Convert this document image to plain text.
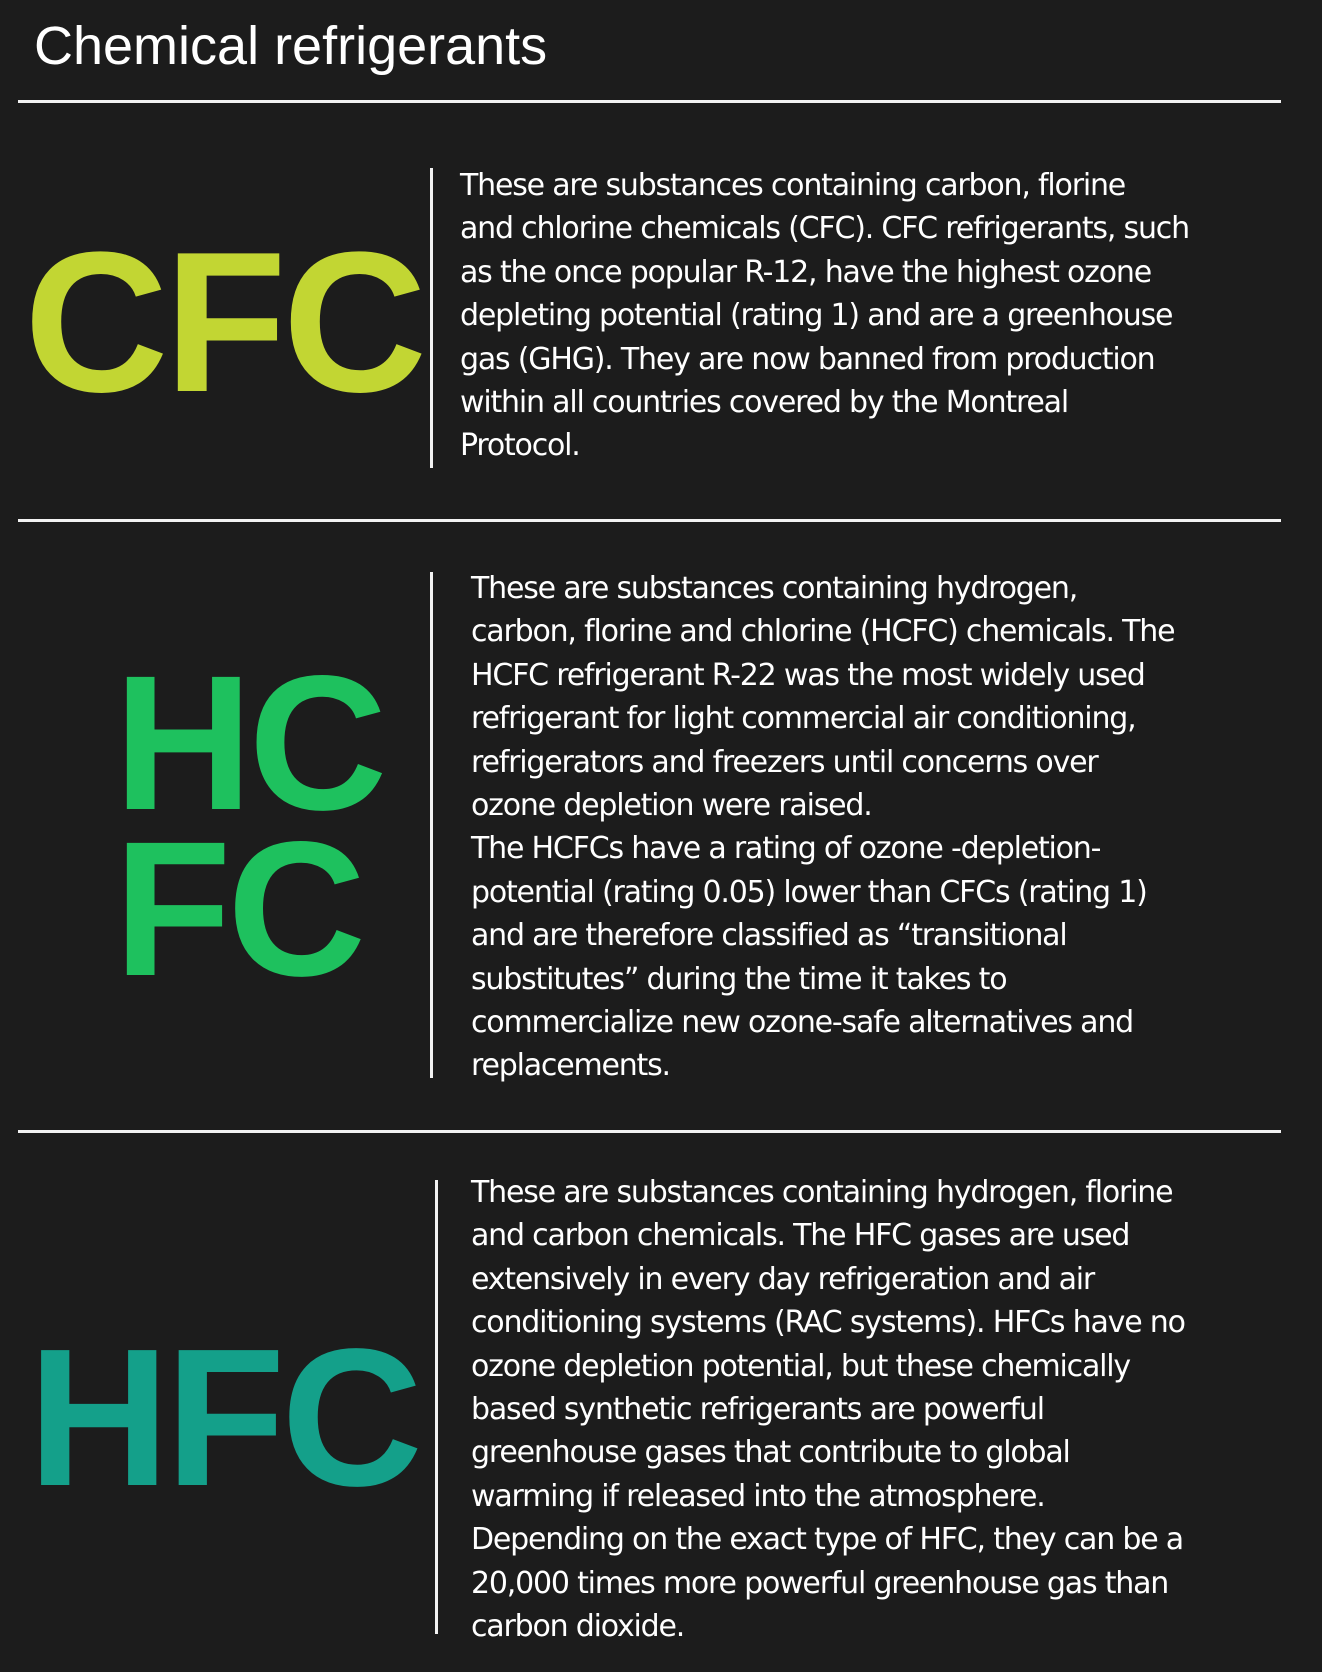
Chemical refrigerants
CFC

These are substances containing carbon, florine
and chlorine chemicals (CFC). CFC refrigerants, such
as the once popular R-12, have the highest ozone
depleting potential (rating 1) and are a greenhouse
gas (GHG). They are now banned from production
within all countries covered by the Montreal
Protocol.

HC
FC

These are substances containing hydrogen,
carbon, florine and chlorine (HCFC) chemicals. The
HCFC refrigerant R-22 was the most widely used
refrigerant for light commercial air conditioning,
refrigerators and freezers until concerns over
ozone depletion were raised.
The HCFCs have a rating of ozone -depletion-
potential (rating 0.05) lower than CFCs (rating 1)
and are therefore classified as “transitional
substitutes” during the time it takes to
commercialize new ozone-safe alternatives and
replacements.

HFC

These are substances containing hydrogen, florine
and carbon chemicals. The HFC gases are used
extensively in every day refrigeration and air
conditioning systems (RAC systems). HFCs have no
ozone depletion potential, but these chemically
based synthetic refrigerants are powerful
greenhouse gases that contribute to global
warming if released into the atmosphere.
Depending on the exact type of HFC, they can be a
20,000 times more powerful greenhouse gas than
carbon dioxide.
